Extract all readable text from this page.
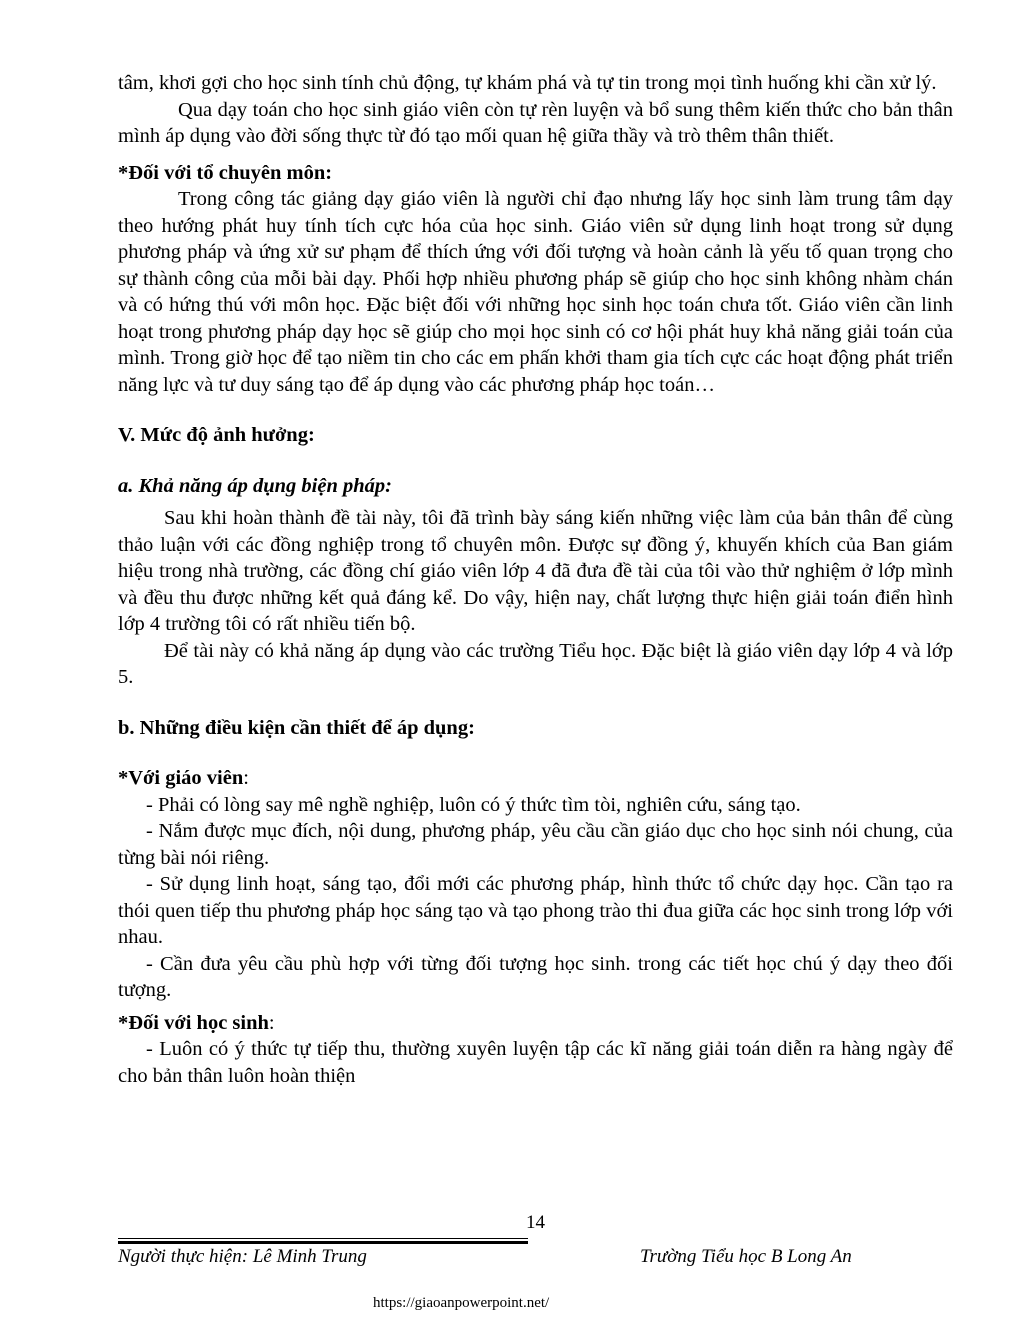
tâm, khơi gợi cho học sinh tính chủ động, tự khám phá và tự tin trong mọi tình huống khi cần xử lý.

Qua dạy toán cho học sinh giáo viên còn tự rèn luyện và bổ sung thêm kiến thức cho bản thân mình áp dụng vào đời sống thực từ đó tạo mối quan hệ giữa thầy và trò thêm thân thiết.

*Đối với tổ chuyên môn:

Trong công tác giảng dạy giáo viên là người chỉ đạo nhưng lấy học sinh làm trung tâm dạy theo hướng phát huy tính tích cực hóa của học sinh. Giáo viên sử dụng linh hoạt trong sử dụng phương pháp và ứng xử sư phạm để thích ứng với đối tượng và hoàn cảnh là yếu tố quan trọng cho sự thành công của mỗi bài dạy. Phối hợp nhiều phương pháp sẽ giúp cho học sinh không nhàm chán và có hứng thú với môn học. Đặc biệt đối với những học sinh học toán chưa tốt. Giáo viên cần linh hoạt trong phương pháp dạy học sẽ giúp cho mọi học sinh có cơ hội phát huy khả năng giải toán của mình. Trong giờ học để tạo niềm tin cho các em phấn khởi tham gia tích cực các hoạt động phát triển năng lực và tư duy sáng tạo để áp dụng vào các phương pháp học toán…

V. Mức độ ảnh hưởng:

a. Khả năng áp dụng biện pháp:

Sau khi hoàn thành đề tài này, tôi đã trình bày sáng kiến những việc làm của bản thân để cùng thảo luận với các đồng nghiệp trong tổ chuyên môn. Được sự đồng ý, khuyến khích của Ban giám hiệu trong nhà trường, các đồng chí giáo viên lớp 4 đã đưa đề tài của tôi vào thử nghiệm ở lớp mình và đều thu được những kết quả đáng kể. Do vậy, hiện nay, chất lượng thực hiện giải toán điển hình lớp 4 trường tôi có rất nhiều tiến bộ.

Để tài này có khả năng áp dụng vào các trường Tiểu học. Đặc biệt là giáo viên dạy lớp 4 và lớp 5.

b. Những điều kiện cần thiết để áp dụng:

*Với giáo viên:

- Phải có lòng say mê nghề nghiệp, luôn có ý thức tìm tòi, nghiên cứu, sáng tạo.

- Nắm được mục đích, nội dung, phương pháp, yêu cầu cần giáo dục cho học sinh nói chung, của từng bài nói riêng.

- Sử dụng linh hoạt, sáng tạo, đổi mới các phương pháp, hình thức tổ chức dạy học. Cần tạo ra thói quen tiếp thu phương pháp học sáng tạo và tạo phong trào thi đua giữa các học sinh trong lớp với nhau.

- Cần đưa yêu cầu phù hợp với từng đối tượng học sinh. trong các tiết học chú ý dạy theo đối tượng.

*Đối với học sinh:

- Luôn có ý thức tự tiếp thu, thường xuyên luyện tập các kĩ năng giải toán diễn ra hàng ngày để cho bản thân luôn hoàn thiện

14
Người thực hiện: Lê Minh Trung	Trường Tiểu học B Long An
https://giaoanpowerpoint.net/
